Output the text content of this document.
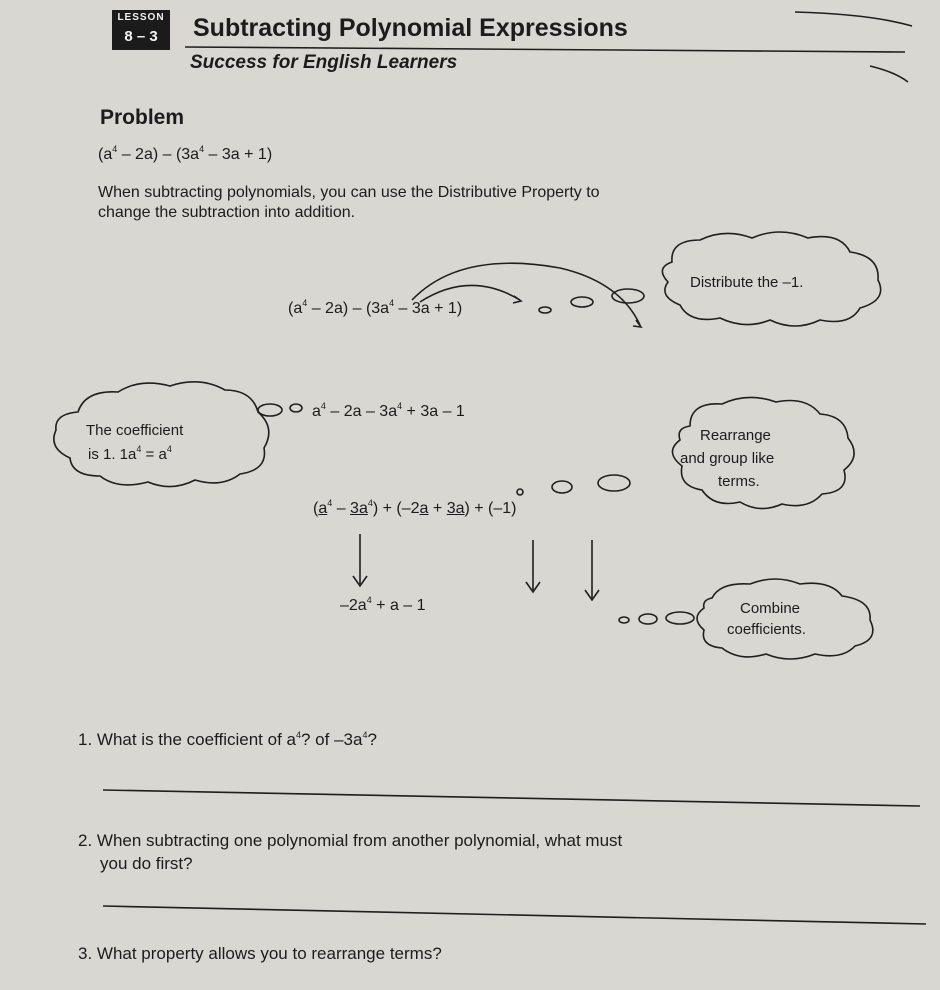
LESSON
8 – 3	Subtracting Polynomial Expressions
Success for English Learners
Problem
$(a^4 - 2a) - (3a^4 - 3a + 1)$
When subtracting polynomials, you can use the Distributive Property to
change the subtraction into addition.
$(a^4 - 2a) - (3a^4 - 3a + 1)$
$a^4 - 2a - 3a^4 + 3a - 1$
$(a^4 - 3a^4) + (-2a + 3a) + (-1)$
$-2a^4 + a - 1$
Distribute the –1.
The coefficient
is 1. $1a^4 = a^4$
Rearrange
and group like
terms.
Combine
coefficients.
1. What is the coefficient of $a^4$? of $-3a^4$?
2. When subtracting one polynomial from another polynomial, what must
you do first?
3. What property allows you to rearrange terms?
